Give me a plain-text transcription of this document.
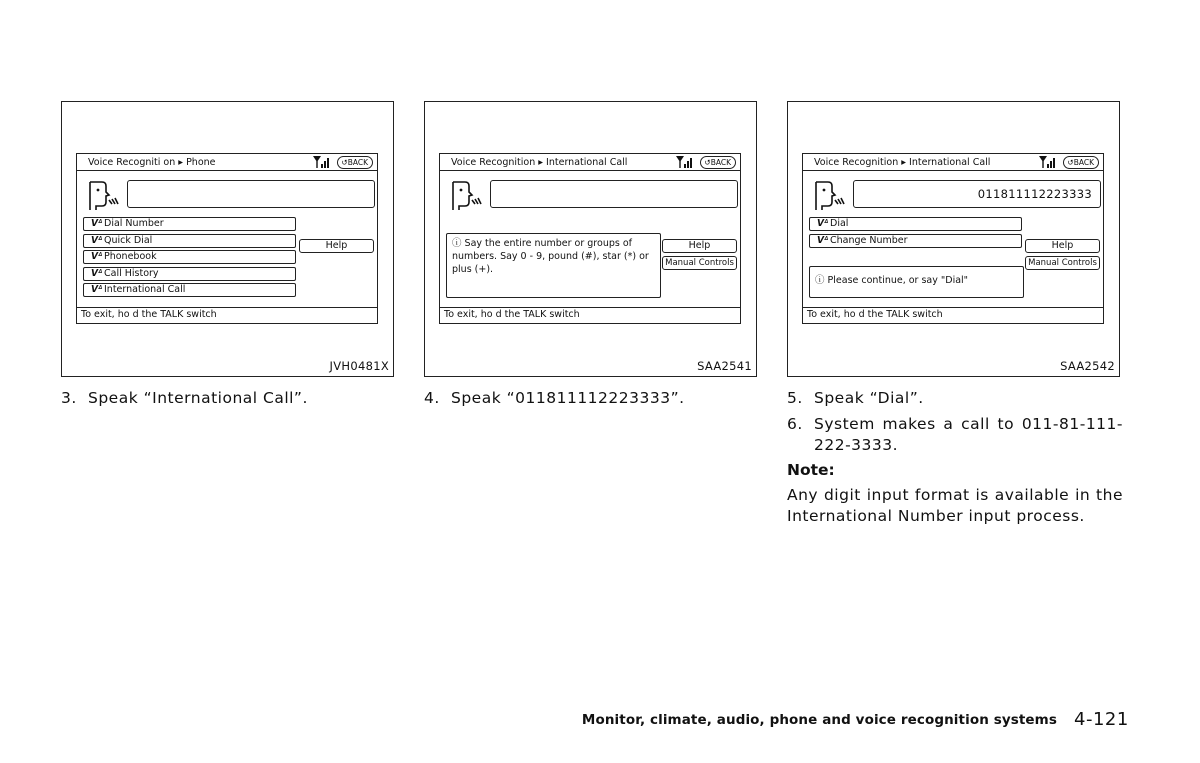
Voice Recogniti on ▸ Phone	↺BACK
ᐯᐞDial Number
ᐯᐞQuick Dial
ᐯᐞPhonebook
ᐯᐞCall History
ᐯᐞInternational Call
Help
To exit, ho d the TALK switch
JVH0481X
Voice Recognition ▸ International Call	↺BACK
ⓘ Say the entire number or groups of numbers. Say 0 - 9, pound (#), star (*) or plus (+).
Help
Manual Controls
To exit, ho d the TALK switch
SAA2541
Voice Recognition ▸ International Call	↺BACK
011811112223333
ᐯᐞDial
ᐯᐞChange Number
ⓘ Please continue, or say "Dial"
Help
Manual Controls
To exit, ho d the TALK switch
SAA2542
3. Speak “International Call”.	4. Speak “011811112223333”.	5. Speak “Dial”.
6. System makes a call to 011-81-111-222-3333.
Note:
Any digit input format is available in the International Number input process.
Monitor, climate, audio, phone and voice recognition systems 4-121
